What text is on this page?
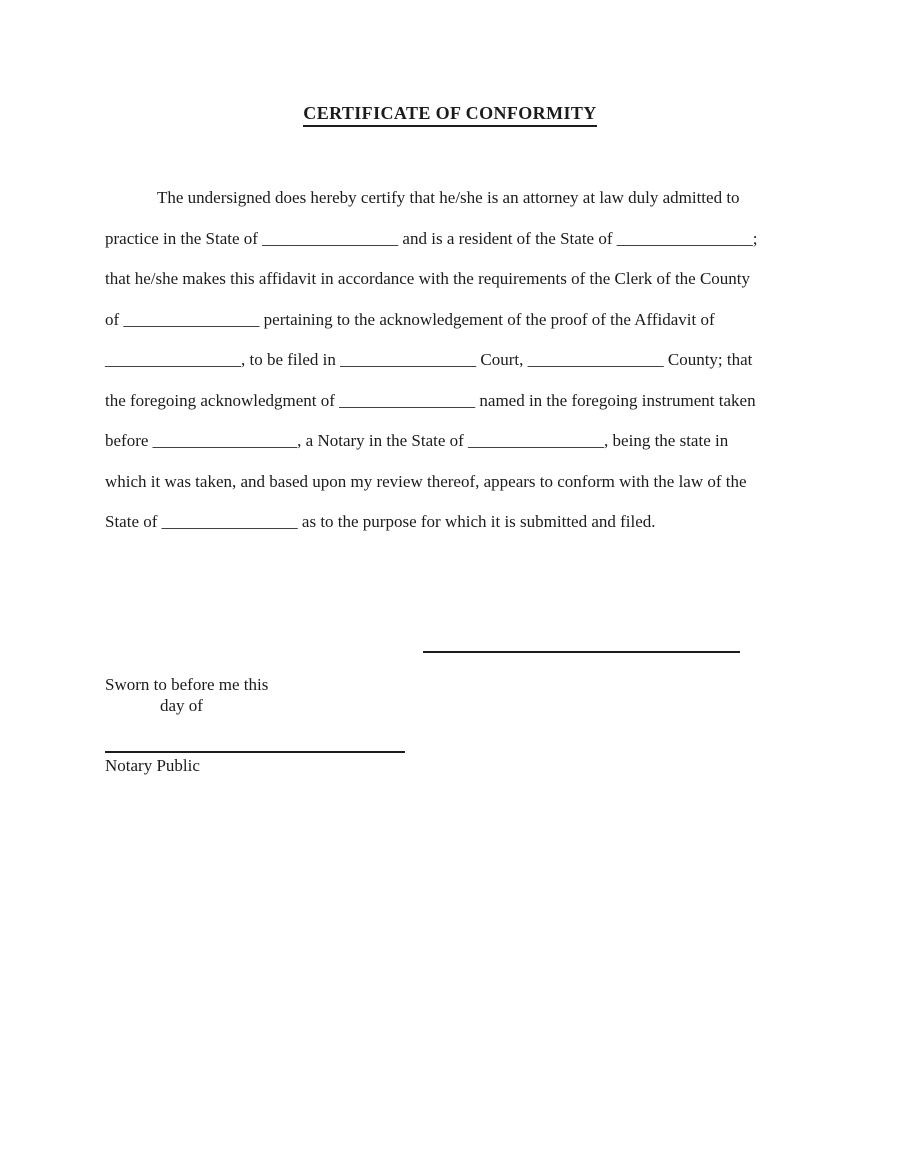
CERTIFICATE OF CONFORMITY
The undersigned does hereby certify that he/she is an attorney at law duly admitted to
practice in the State of ________________ and is a resident of the State of ________________;
that he/she makes this affidavit in accordance with the requirements of the Clerk of the County
of ________________ pertaining to the acknowledgement of the proof of the Affidavit of
________________, to be filed in ________________ Court, ________________ County; that
the foregoing acknowledgment of ________________ named in the foregoing instrument taken
before _________________, a Notary in the State of ________________, being the state in
which it was taken, and based upon my review thereof, appears to conform with the law of the
State of ________________ as to the purpose for which it is submitted and filed.
Sworn to before me this
day of
Notary Public
